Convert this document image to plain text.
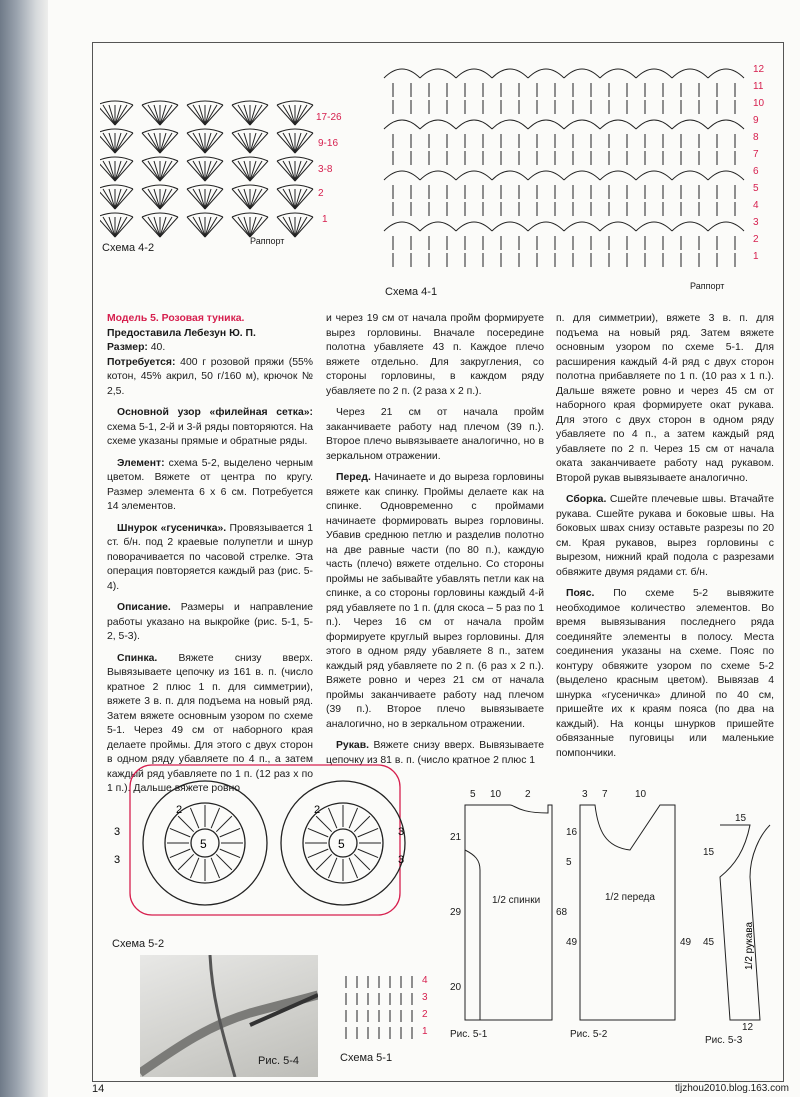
Схема 4-2
Раппорт
17-26
9-16
3-8
2
1
Схема 4-1	Раппорт
12
11
10
9
8
7
6
5
4
3
2
1

Модель 5. Розовая туника.
Предоставила Лебезун Ю. П.
Размер: 40.
Потребуется: 400 г розовой пряжи (55% котон, 45% акрил, 50 г/160 м), крючок № 2,5.

Основной узор «филейная сетка»: схема 5-1, 2-й и 3-й ряды повторяются. На схеме указаны прямые и обратные ряды.

Элемент: схема 5-2, выделено черным цветом. Вяжете от центра по кругу. Размер элемента 6 х 6 см. Потребуется 14 элементов.

Шнурок «гусеничка». Провязывается 1 ст. б/н. под 2 краевые полупетли и шнур поворачивается по часовой стрелке. Эта операция повторяется каждый раз (рис. 5-4).

Описание. Размеры и направление работы указано на выкройке (рис. 5-1, 5-2, 5-3).

Спинка. Вяжете снизу вверх. Вывязываете цепочку из 161 в. п. (число кратное 2 плюс 1 п. для симметрии), вяжете 3 в. п. для подъема на новый ряд. Затем вяжете основным узором по схеме 5-1. Через 49 см от наборного края делаете проймы. Для этого с двух сторон в одном ряду убавляете по 4 п., а затем каждый ряд убавляете по 1 п. (12 раз х по 1 п.). Дальше вяжете ровно

и через 19 см от начала пройм формируете вырез горловины. Вначале посередине полотна убавляете 43 п. Каждое плечо вяжете отдельно. Для закругления, со стороны горловины, в каждом ряду убавляете по 2 п. (2 раза х 2 п.).

Через 21 см от начала пройм заканчиваете работу над плечом (39 п.). Второе плечо вывязываете аналогично, но в зеркальном отражении.

Перед. Начинаете и до выреза горловины вяжете как спинку. Проймы делаете как на спинке. Одновременно с проймами начинаете формировать вырез горловины. Убавив среднюю петлю и разделив полотно на две равные части (по 80 п.), каждую часть (плечо) вяжете отдельно. Со стороны проймы не забывайте убавлять петли как на спинке, а со стороны горловины каждый 4-й ряд убавляете по 1 п. (для скоса – 5 раз по 1 п.). Через 16 см от начала пройм формируете круглый вырез горловины. Для этого в одном ряду убавляете 8 п., затем каждый ряд убавляете по 2 п. (6 раз х 2 п.). Вяжете ровно и через 21 см от начала проймы заканчиваете работу над плечом (39 п.). Второе плечо вывязываете аналогично, но в зеркальном отражении.

Рукав. Вяжете снизу вверх. Вывязываете цепочку из 81 в. п. (число кратное 2 плюс 1

п. для симметрии), вяжете 3 в. п. для подъема на новый ряд. Затем вяжете основным узором по схеме 5-1. Для расширения каждый 4-й ряд с двух сторон полотна прибавляете по 1 п. (10 раз х 1 п.). Дальше вяжете ровно и через 45 см от наборного края формируете окат рукава. Для этого с двух сторон в одном ряду убавляете по 4 п., а затем каждый ряд убавляете по 2 п. Через 15 см от начала оката заканчиваете работу над рукавом. Второй рукав вывязываете аналогично.

Сборка. Сшейте плечевые швы. Втачайте рукава. Сшейте рукава и боковые швы. На боковых швах снизу оставьте разрезы по 20 см. Края рукавов, вырез горловины с вырезом, нижний край подола с разрезами обвяжите двумя рядами ст. б/н.

Пояс. По схеме 5-2 вывяжите необходимое количество элементов. Во время вывязывания последнего ряда соединяйте элементы в полосу. Места соединения указаны на схеме. Пояс по контуру обвяжите узором по схеме 5-2 (выделено красным цветом). Вывязав 4 шнурка «гусеничка» длиной по 40 см, пришейте их к краям пояса (по два на каждый). На концы шнурков пришейте обвязанные пуговицы или маленькие помпончики.

5	5
3
3
3
3
2	2
Схема 5-2
Рис. 5-4	Схема 5-1
4
3
2
1
5 10 2
21
29
20
68
1/2 спинки
Рис. 5-1
3 7	10
16
5
49	49
1/2 переда
Рис. 5-2
15
15
45
12
Рис. 5-3
1/2 рукава
14	tljzhou2010.blog.163.com
